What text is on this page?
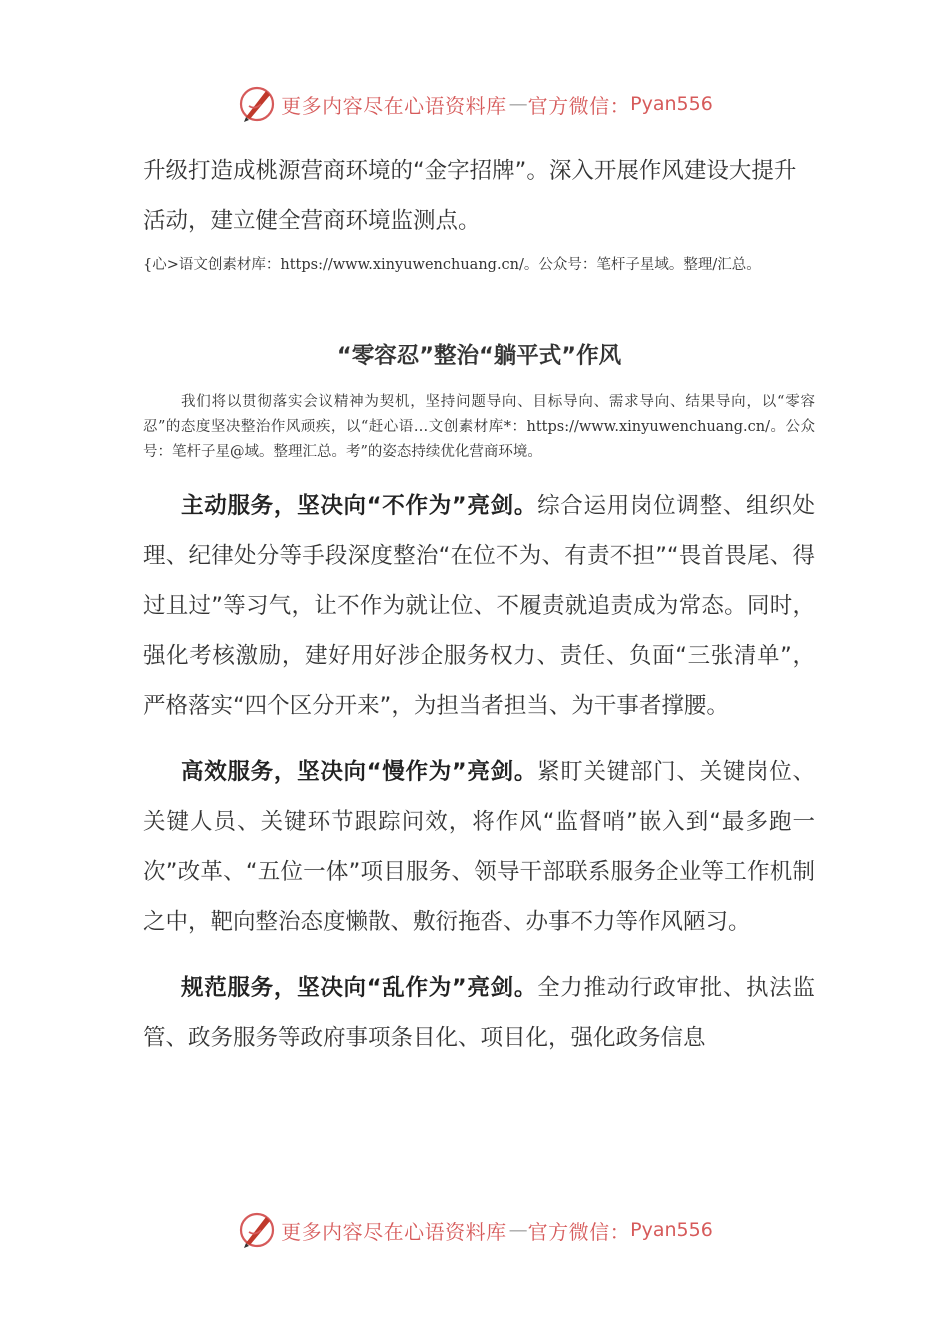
更多内容尽在心语资料库 — 官方微信： Pyan556

升级打造成桃源营商环境的“金字招牌”。深入开展作风建设大提升活动，建立健全营商环境监测点。

{心>语文创素材库：https://www.xinyuwenchuang.cn/。公众号：笔杆子星域。整理/汇总。

“零容忍”整治“躺平式”作风

我们将以贯彻落实会议精神为契机，坚持问题导向、目标导向、需求导向、结果导向，以“零容忍”的态度坚决整治作风顽疾，以“赶心语…文创素材库*：https://www.xinyuwenchuang.cn/。公众号：笔杆子星@域。整理汇总。考”的姿态持续优化营商环境。

主动服务，坚决向“不作为”亮剑。综合运用岗位调整、组织处理、纪律处分等手段深度整治“在位不为、有责不担”“畏首畏尾、得过且过”等习气，让不作为就让位、不履责就追责成为常态。同时，强化考核激励，建好用好涉企服务权力、责任、负面“三张清单”，严格落实“四个区分开来”，为担当者担当、为干事者撑腰。

高效服务，坚决向“慢作为”亮剑。紧盯关键部门、关键岗位、关键人员、关键环节跟踪问效，将作风“监督哨”嵌入到“最多跑一次”改革、“五位一体”项目服务、领导干部联系服务企业等工作机制之中，靶向整治态度懒散、敷衍拖沓、办事不力等作风陋习。

规范服务，坚决向“乱作为”亮剑。全力推动行政审批、执法监管、政务服务等政府事项条目化、项目化，强化政务信息

更多内容尽在心语资料库 — 官方微信： Pyan556
